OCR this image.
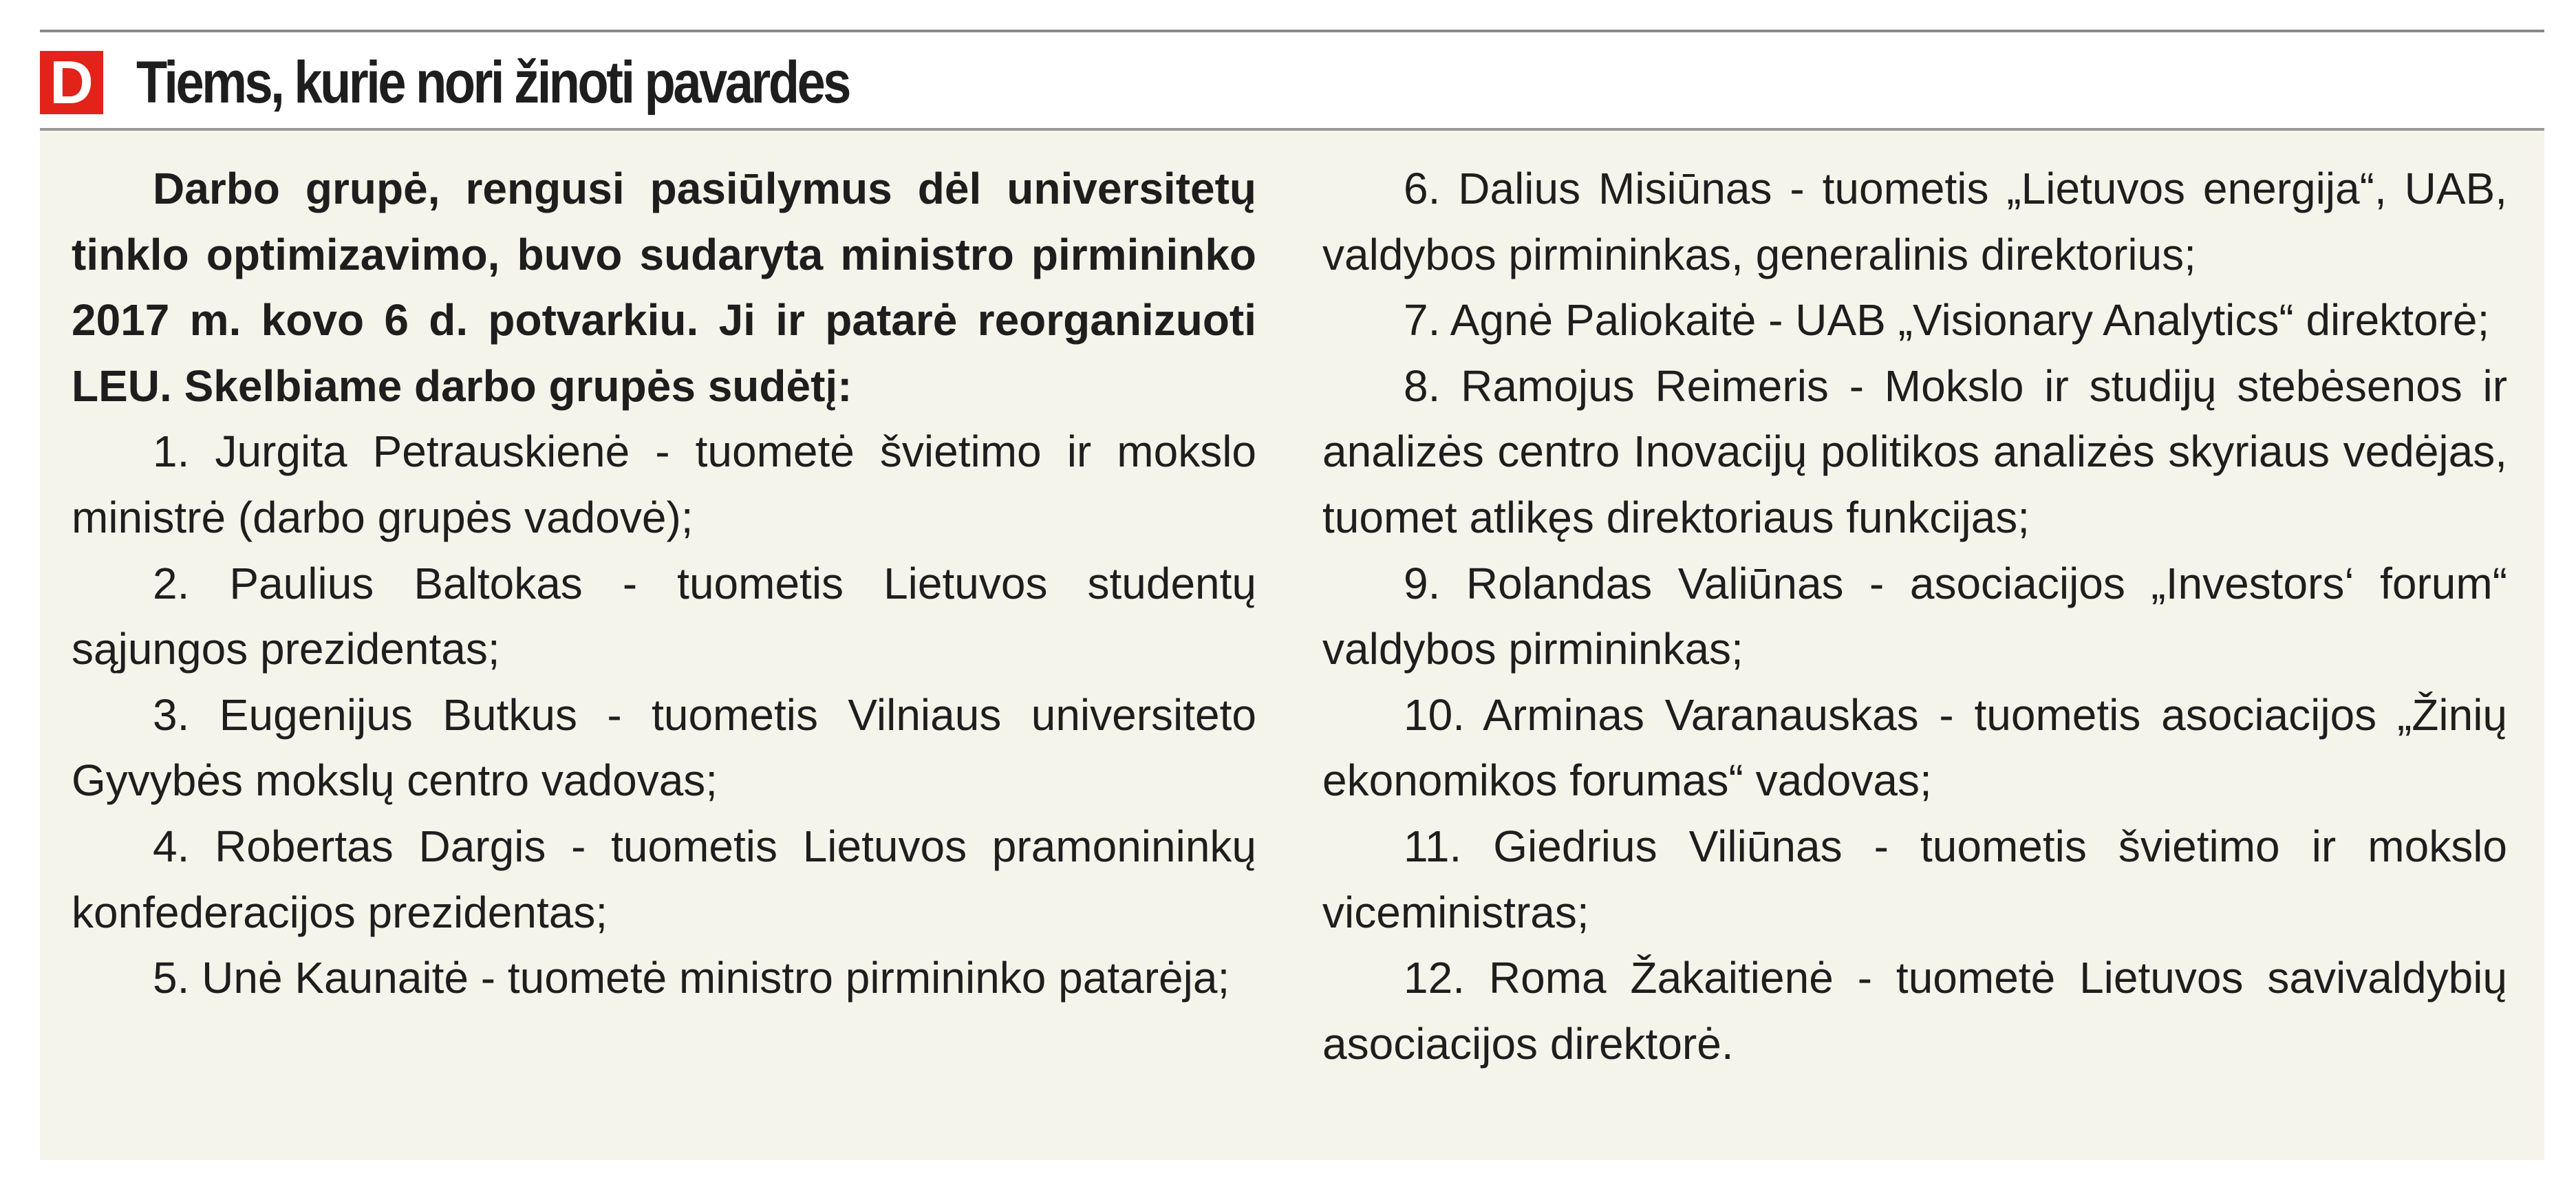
D Tiems, kurie nori žinoti pavardes

Darbo grupė, rengusi pasiūlymus dėl universitetų tinklo optimizavimo, buvo sudaryta ministro pirmininko 2017 m. kovo 6 d. potvarkiu. Ji ir patarė reorganizuoti LEU. Skelbiame darbo grupės sudėtį:

1. Jurgita Petrauskienė - tuometė švietimo ir mokslo ministrė (darbo grupės vadovė);

2. Paulius Baltokas - tuometis Lietuvos studentų sąjungos prezidentas;

3. Eugenijus Butkus - tuometis Vilniaus universiteto Gyvybės mokslų centro vadovas;

4. Robertas Dargis - tuometis Lietuvos pramonininkų konfederacijos prezidentas;

5. Unė Kaunaitė - tuometė ministro pirmininko patarėja;

6. Dalius Misiūnas - tuometis „Lietuvos energija“, UAB, valdybos pirmininkas, generalinis direktorius;

7. Agnė Paliokaitė - UAB „Visionary Analytics“ direktorė;

8. Ramojus Reimeris - Mokslo ir studijų stebėsenos ir analizės centro Inovacijų politikos analizės skyriaus vedėjas, tuomet atlikęs direktoriaus funkcijas;

9. Rolandas Valiūnas - asociacijos „Investors‘ forum“ valdybos pirmininkas;

10. Arminas Varanauskas - tuometis asociacijos „Žinių ekonomikos forumas“ vadovas;

11. Giedrius Viliūnas - tuometis švietimo ir mokslo viceministras;

12. Roma Žakaitienė - tuometė Lietuvos savivaldybių asociacijos direktorė.
